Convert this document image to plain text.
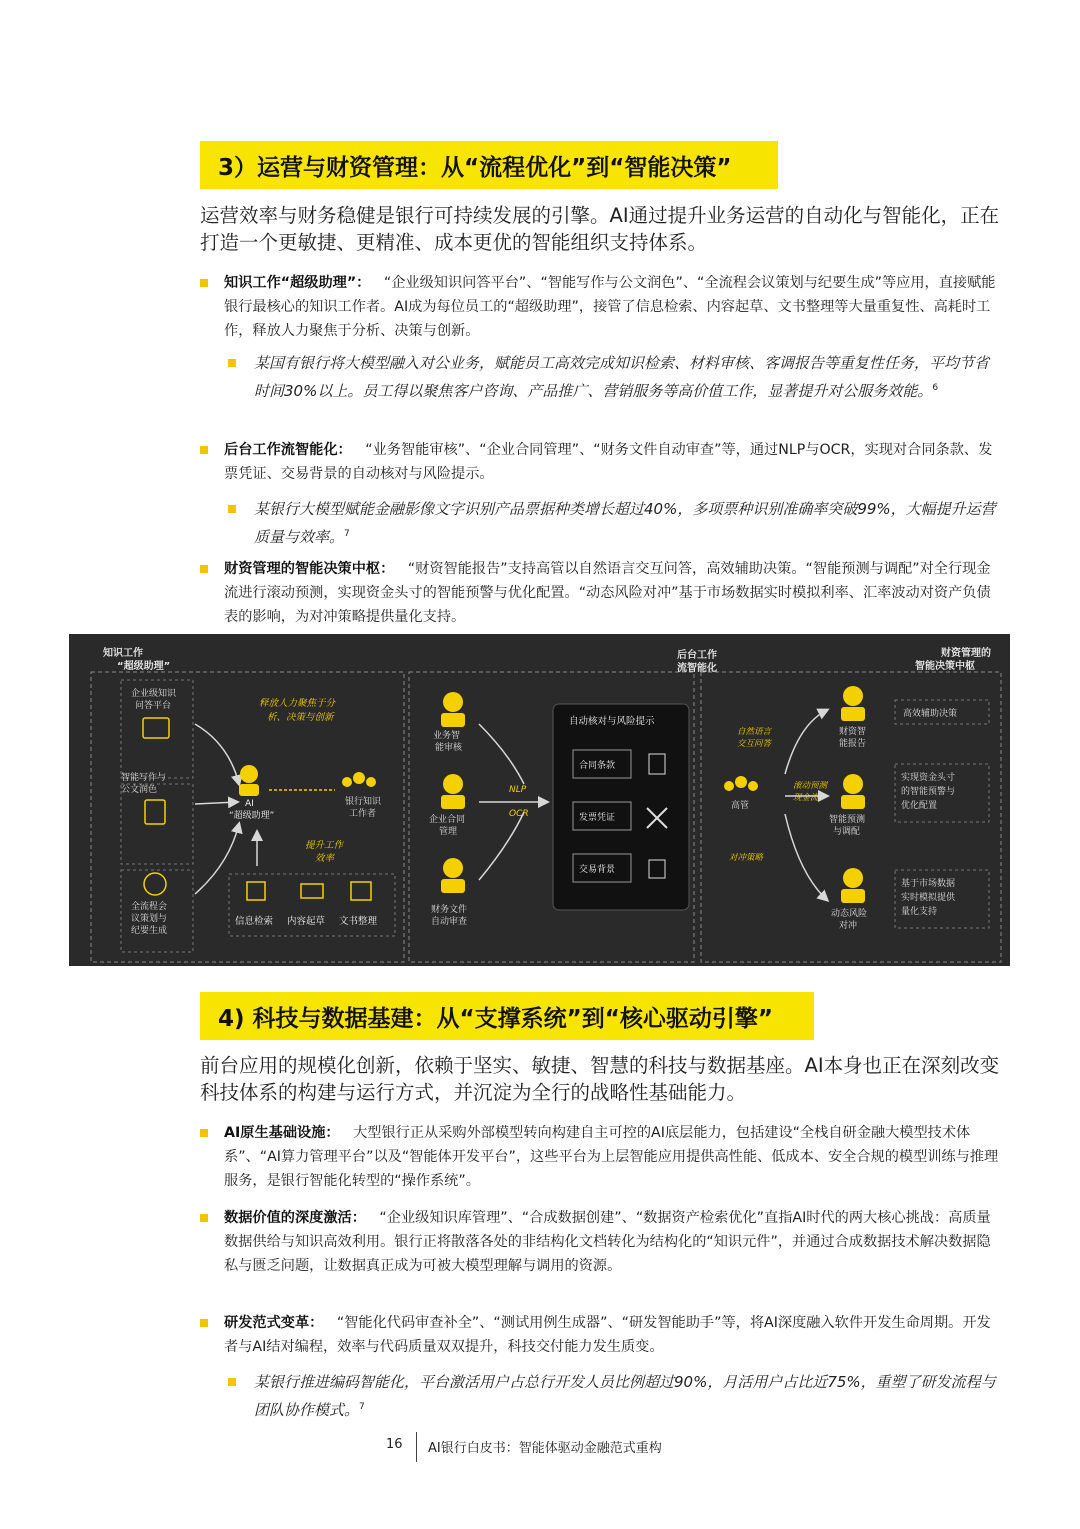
3）运营与财资管理：从“流程优化”到“智能决策”
运营效率与财务稳健是银行可持续发展的引擎。AI通过提升业务运营的自动化与智能化，正在打造一个更敏捷、更精准、成本更优的智能组织支持体系。
知识工作“超级助理”： “企业级知识问答平台”、“智能写作与公文润色”、“全流程会议策划与纪要生成”等应用，直接赋能银行最核心的知识工作者。AI成为每位员工的“超级助理”，接管了信息检索、内容起草、文书整理等大量重复性、高耗时工作，释放人力聚焦于分析、决策与创新。
某国有银行将大模型融入对公业务，赋能员工高效完成知识检索、材料审核、客调报告等重复性任务，平均节省时间30%以上。员工得以聚焦客户咨询、产品推广、营销服务等高价值工作，显著提升对公服务效能。$^6$
后台工作流智能化： “业务智能审核”、“企业合同管理”、“财务文件自动审查”等，通过NLP与OCR，实现对合同条款、发票凭证、交易背景的自动核对与风险提示。
某银行大模型赋能金融影像文字识别产品票据种类增长超过40%，多项票种识别准确率突破99%，大幅提升运营质量与效率。$^7$
财资管理的智能决策中枢： “财资智能报告”支持高管以自然语言交互问答，高效辅助决策。“智能预测与调配”对全行现金流进行滚动预测，实现资金头寸的智能预警与优化配置。“动态风险对冲”基于市场数据实时模拟利率、汇率波动对资产负债表的影响，为对冲策略提供量化支持。
知识工作
“超级助理”
企业级知识
问答平台
智能写作与
公文润色
全流程会
议策划与
纪要生成
释放人力聚焦于分
析、决策与创新
AI
“超级助理”
银行知识
工作者
提升工作
效率
信息检索 内容起草 文书整理
后台工作
流智能化
业务智
能审核
企业合同
管理
财务文件
自动审查
NLP
OCR
自动核对与风险提示
合同条款
发票凭证
交易背景
财资管理的
智能决策中枢
高管
自然语言
交互问答
滚动预测
现金流
对冲策略
财资智
能报告
智能预测
与调配
动态风险
对冲
高效辅助决策
实现资金头寸
的智能预警与
优化配置
基于市场数据
实时模拟提供
量化支持
4) 科技与数据基建：从“支撑系统”到“核心驱动引擎”
前台应用的规模化创新，依赖于坚实、敏捷、智慧的科技与数据基座。AI本身也正在深刻改变科技体系的构建与运行方式，并沉淀为全行的战略性基础能力。
AI原生基础设施： 大型银行正从采购外部模型转向构建自主可控的AI底层能力，包括建设“全栈自研金融大模型技术体系”、“AI算力管理平台”以及“智能体开发平台”，这些平台为上层智能应用提供高性能、低成本、安全合规的模型训练与推理服务，是银行智能化转型的“操作系统”。
数据价值的深度激活： “企业级知识库管理”、“合成数据创建”、“数据资产检索优化”直指AI时代的两大核心挑战：高质量数据供给与知识高效利用。银行正将散落各处的非结构化文档转化为结构化的“知识元件”，并通过合成数据技术解决数据隐私与匮乏问题，让数据真正成为可被大模型理解与调用的资源。
研发范式变革： “智能化代码审查补全”、“测试用例生成器”、“研发智能助手”等，将AI深度融入软件开发生命周期。开发者与AI结对编程，效率与代码质量双双提升，科技交付能力发生质变。
某银行推进编码智能化，平台激活用户占总行开发人员比例超过90%，月活用户占比近75%，重塑了研发流程与团队协作模式。$^7$
16 AI银行白皮书：智能体驱动金融范式重构
